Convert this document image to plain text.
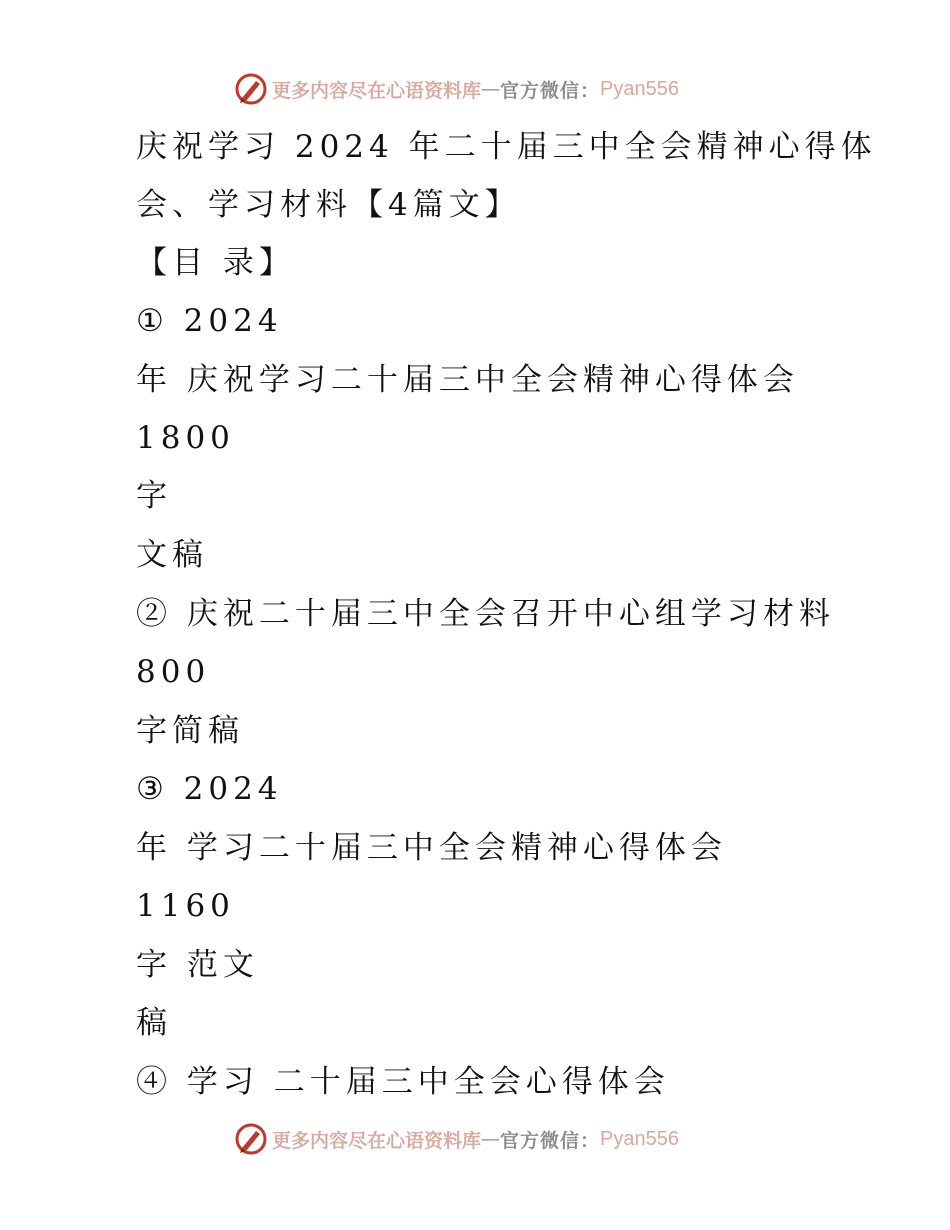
更多内容尽在心语资料库 — 官方微信： Pyan556
庆祝学习 2024 年二十届三中全会精神心得体
会、学习材料【4篇文】
【目 录】
① 2024
年 庆祝学习二十届三中全会精神心得体会
1800
字
文稿
② 庆祝二十届三中全会召开中心组学习材料
800
字简稿
③ 2024
年 学习二十届三中全会精神心得体会
1160
字 范文
稿
④ 学习 二十届三中全会心得体会
更多内容尽在心语资料库 — 官方微信： Pyan556
